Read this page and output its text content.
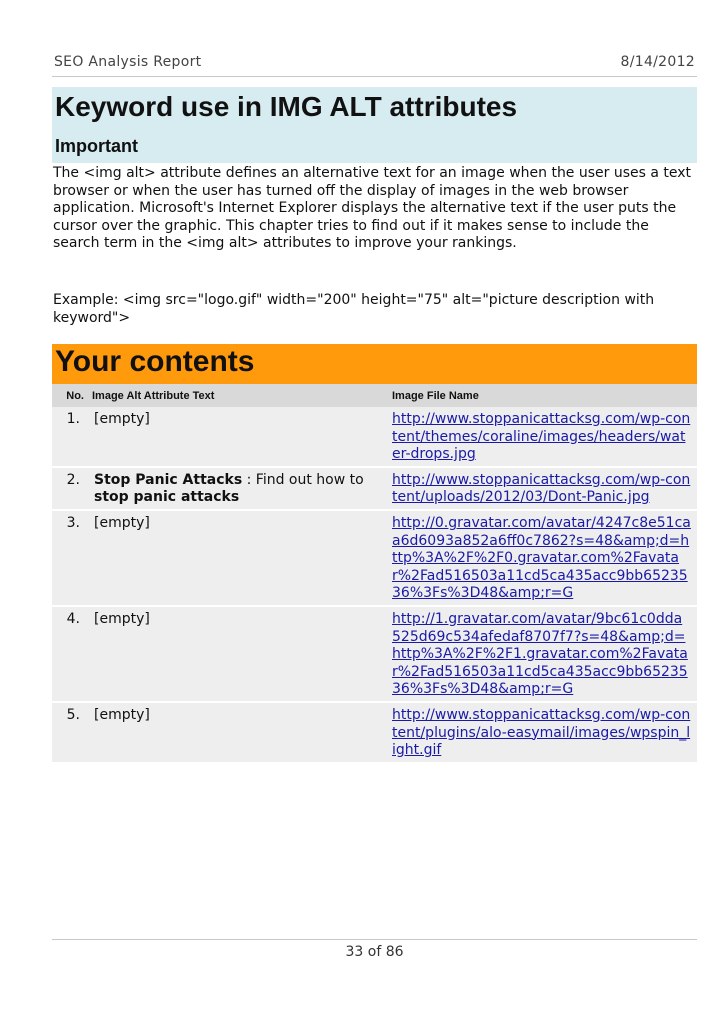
SEO Analysis Report	8/14/2012
Keyword use in IMG ALT attributes

Important

The <img alt> attribute defines an alternative text for an image when the user uses a text browser or when the user has turned off the display of images in the web browser application. Microsoft's Internet Explorer displays the alternative text if the user puts the cursor over the graphic. This chapter tries to find out if it makes sense to include the search term in the <img alt> attributes to improve your rankings.

Example: <img src="logo.gif" width="200" height="75" alt="picture description with keyword">

Your contents
No.	Image Alt Attribute Text	Image File Name
1.	[empty]	http://www.stoppanicattacksg.com/wp-content/themes/coraline/images/headers/water-drops.jpg
2.	Stop Panic Attacks : Find out how to stop panic attacks	http://www.stoppanicattacksg.com/wp-content/uploads/2012/03/Dont-Panic.jpg
3.	[empty]	http://0.gravatar.com/avatar/4247c8e51caa6d6093a852a6ff0c7862?s=48&amp;d=http%3A%2F%2F0.gravatar.com%2Favatar%2Fad516503a11cd5ca435acc9bb6523536%3Fs%3D48&amp;r=G
4.	[empty]	http://1.gravatar.com/avatar/9bc61c0dda525d69c534afedaf8707f7?s=48&amp;d=http%3A%2F%2F1.gravatar.com%2Favatar%2Fad516503a11cd5ca435acc9bb6523536%3Fs%3D48&amp;r=G
5.	[empty]	http://www.stoppanicattacksg.com/wp-content/plugins/alo-easymail/images/wpspin_light.gif
33 of 86
